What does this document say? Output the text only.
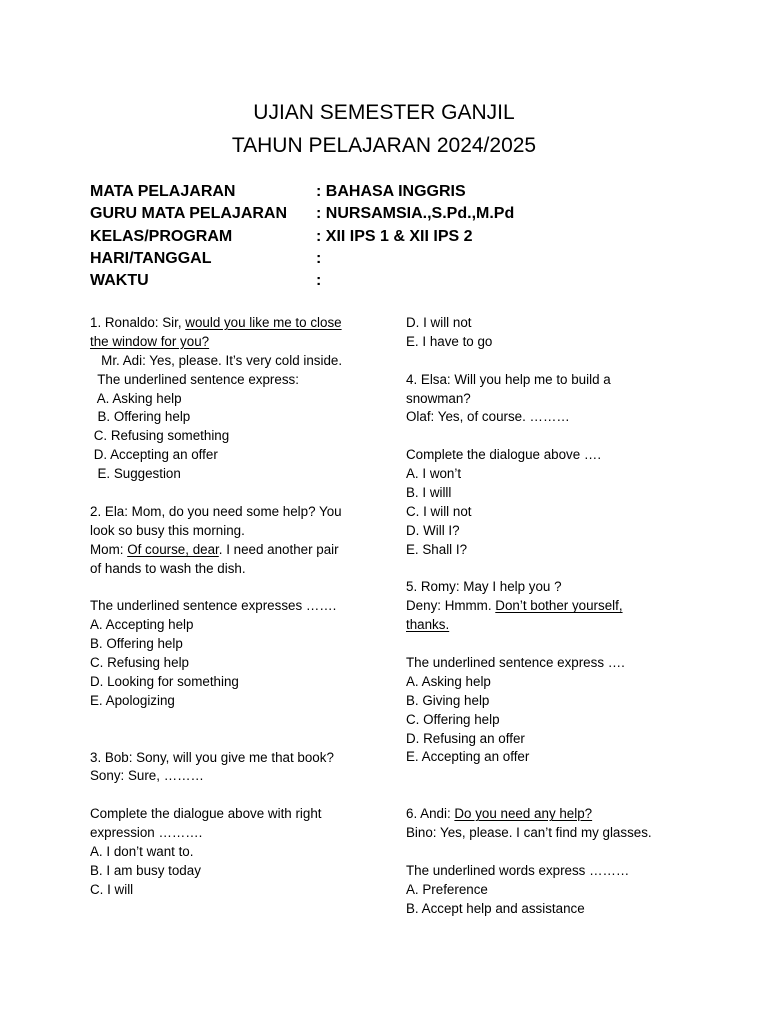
UJIAN SEMESTER GANJIL
TAHUN PELAJARAN 2024/2025
MATA PELAJARAN	: BAHASA INGGRIS
GURU MATA PELAJARAN : NURSAMSIA.,S.Pd.,M.Pd
KELAS/PROGRAM	: XII IPS 1 & XII IPS 2
HARI/TANGGAL	:
WAKTU	:
1. Ronaldo: Sir, would you like me to close
the window for you?
Mr. Adi: Yes, please. It’s very cold inside.
The underlined sentence express:
A. Asking help
B. Offering help
C. Refusing something
D. Accepting an offer
E. Suggestion
2. Ela: Mom, do you need some help? You
look so busy this morning.
Mom: Of course, dear. I need another pair
of hands to wash the dish.
The underlined sentence expresses …….
A. Accepting help
B. Offering help
C. Refusing help
D. Looking for something
E. Apologizing
3. Bob: Sony, will you give me that book?
Sony: Sure, ………
Complete the dialogue above with right
expression ……….
A. I don’t want to.
B. I am busy today
C. I will
D. I will not
E. I have to go
4. Elsa: Will you help me to build a
snowman?
Olaf: Yes, of course. ………
Complete the dialogue above ….
A. I won’t
B. I willl
C. I will not
D. Will I?
E. Shall I?
5. Romy: May I help you ?
Deny: Hmmm. Don’t bother yourself,
thanks.
The underlined sentence express ….
A. Asking help
B. Giving help
C. Offering help
D. Refusing an offer
E. Accepting an offer
6. Andi: Do you need any help?
Bino: Yes, please. I can’t find my glasses.
The underlined words express ………
A. Preference
B. Accept help and assistance
